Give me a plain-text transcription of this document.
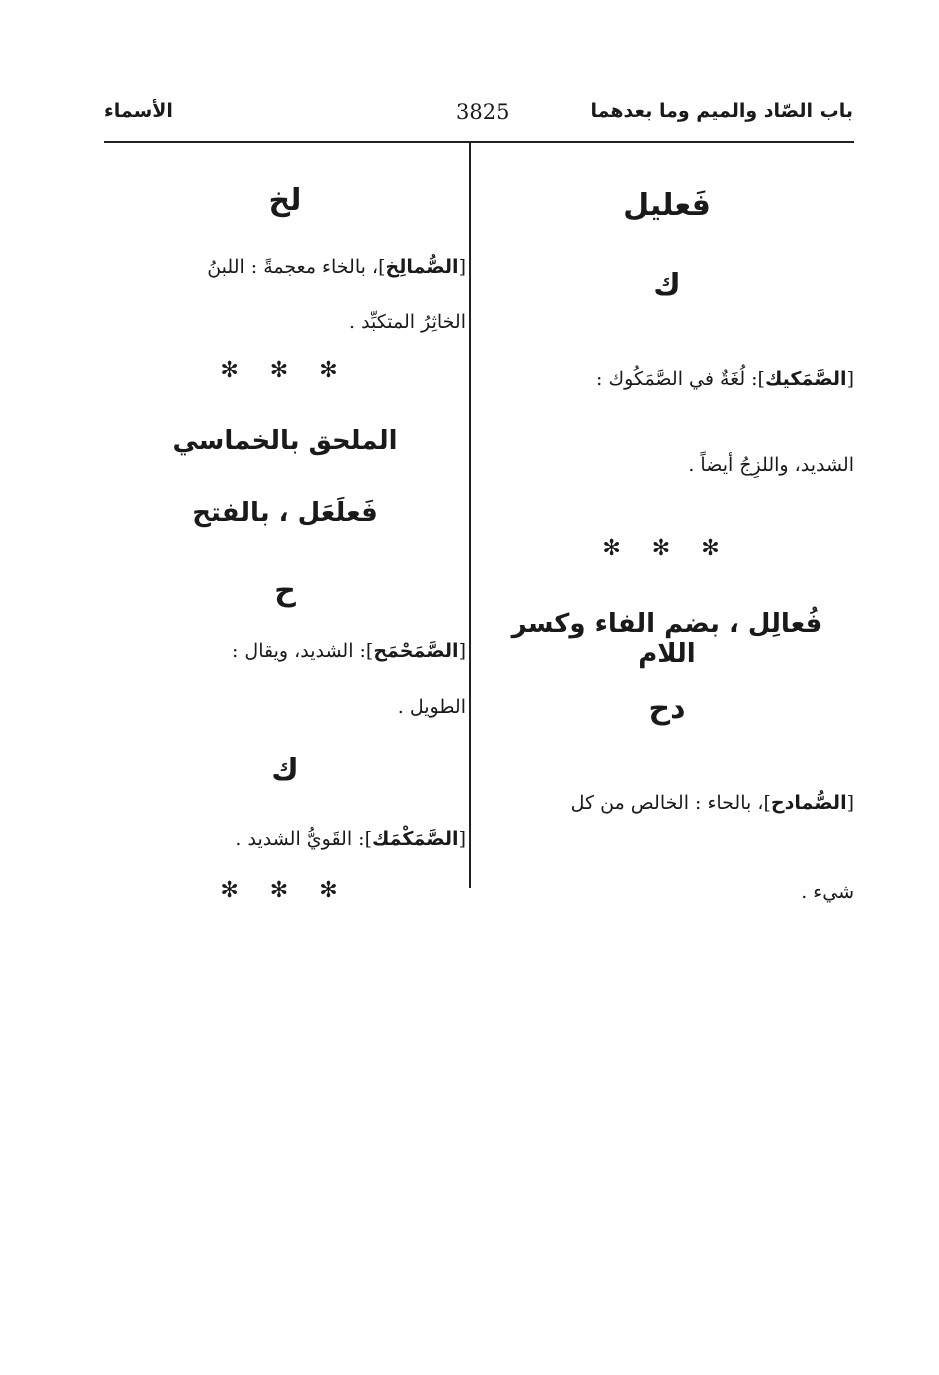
باب الصّاد والميم وما بعدهما
3825
الأسماء
فَعليل
ك
[الصَّمَكيك]: لُغَةٌ في الصَّمَكُوك :
الشديد، واللزِجُ أيضاً .
✻ ✻ ✻
فُعالِل ، بضم الفاء وكسر اللام
دح
[الصُّمادح]، بالحاء : الخالص من كل
شيء .
لخ
[الصُّمالِخ]، بالخاء معجمةً : اللبنُ
الخاثِرُ المتكبِّد .
✻ ✻ ✻
الملحق بالخماسي
فَعلَعَل ، بالفتح
ح
[الصَّمَحْمَح]: الشديد، ويقال :
الطويل .
ك
[الصَّمَكْمَك]: القَويُّ الشديد .
✻ ✻ ✻
